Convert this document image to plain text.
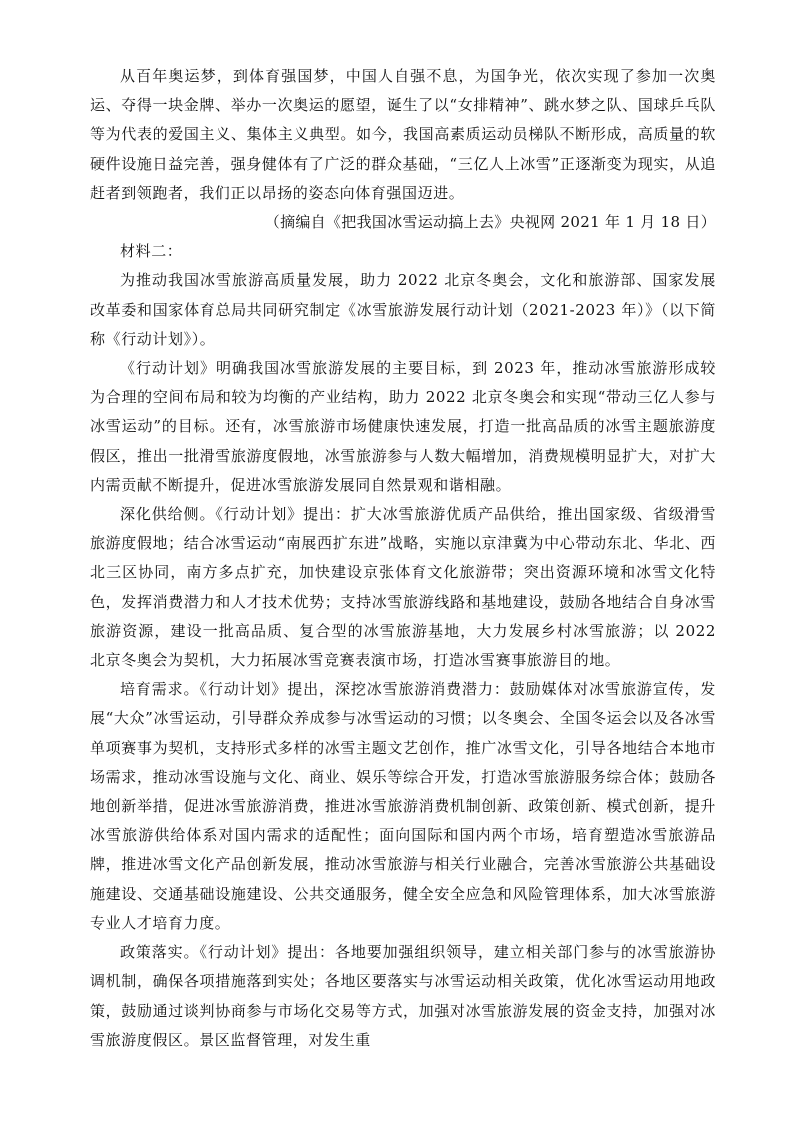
从百年奥运梦，到体育强国梦，中国人自强不息，为国争光，依次实现了参加一次奥运、夺得一块金牌、举办一次奥运的愿望，诞生了以“女排精神”、跳水梦之队、国球乒乓队等为代表的爱国主义、集体主义典型。如今，我国高素质运动员梯队不断形成，高质量的软硬件设施日益完善，强身健体有了广泛的群众基础，“三亿人上冰雪”正逐渐变为现实，从追赶者到领跑者，我们正以昂扬的姿态向体育强国迈进。

（摘编自《把我国冰雪运动搞上去》央视网 2021 年 1 月 18 日）

材料二：

为推动我国冰雪旅游高质量发展，助力 2022 北京冬奥会，文化和旅游部、国家发展改革委和国家体育总局共同研究制定《冰雪旅游发展行动计划（2021-2023 年）》（以下简称《行动计划》）。

《行动计划》明确我国冰雪旅游发展的主要目标，到 2023 年，推动冰雪旅游形成较为合理的空间布局和较为均衡的产业结构，助力 2022 北京冬奥会和实现“带动三亿人参与冰雪运动”的目标。还有，冰雪旅游市场健康快速发展，打造一批高品质的冰雪主题旅游度假区，推出一批滑雪旅游度假地，冰雪旅游参与人数大幅增加，消费规模明显扩大，对扩大内需贡献不断提升，促进冰雪旅游发展同自然景观和谐相融。

深化供给侧。《行动计划》提出：扩大冰雪旅游优质产品供给，推出国家级、省级滑雪旅游度假地；结合冰雪运动“南展西扩东进”战略，实施以京津冀为中心带动东北、华北、西北三区协同，南方多点扩充，加快建设京张体育文化旅游带；突出资源环境和冰雪文化特色，发挥消费潜力和人才技术优势；支持冰雪旅游线路和基地建设，鼓励各地结合自身冰雪旅游资源，建设一批高品质、复合型的冰雪旅游基地，大力发展乡村冰雪旅游；以 2022 北京冬奥会为契机，大力拓展冰雪竞赛表演市场，打造冰雪赛事旅游目的地。

培育需求。《行动计划》提出，深挖冰雪旅游消费潜力：鼓励媒体对冰雪旅游宣传，发展“大众”冰雪运动，引导群众养成参与冰雪运动的习惯；以冬奥会、全国冬运会以及各冰雪单项赛事为契机，支持形式多样的冰雪主题文艺创作，推广冰雪文化，引导各地结合本地市场需求，推动冰雪设施与文化、商业、娱乐等综合开发，打造冰雪旅游服务综合体；鼓励各地创新举措，促进冰雪旅游消费，推进冰雪旅游消费机制创新、政策创新、模式创新，提升冰雪旅游供给体系对国内需求的适配性；面向国际和国内两个市场，培育塑造冰雪旅游品牌，推进冰雪文化产品创新发展，推动冰雪旅游与相关行业融合，完善冰雪旅游公共基础设施建设、交通基础设施建设、公共交通服务，健全安全应急和风险管理体系，加大冰雪旅游专业人才培育力度。

政策落实。《行动计划》提出：各地要加强组织领导，建立相关部门参与的冰雪旅游协调机制，确保各项措施落到实处；各地区要落实与冰雪运动相关政策，优化冰雪运动用地政策，鼓励通过谈判协商参与市场化交易等方式，加强对冰雪旅游发展的资金支持，加强对冰雪旅游度假区。景区监督管理，对发生重
